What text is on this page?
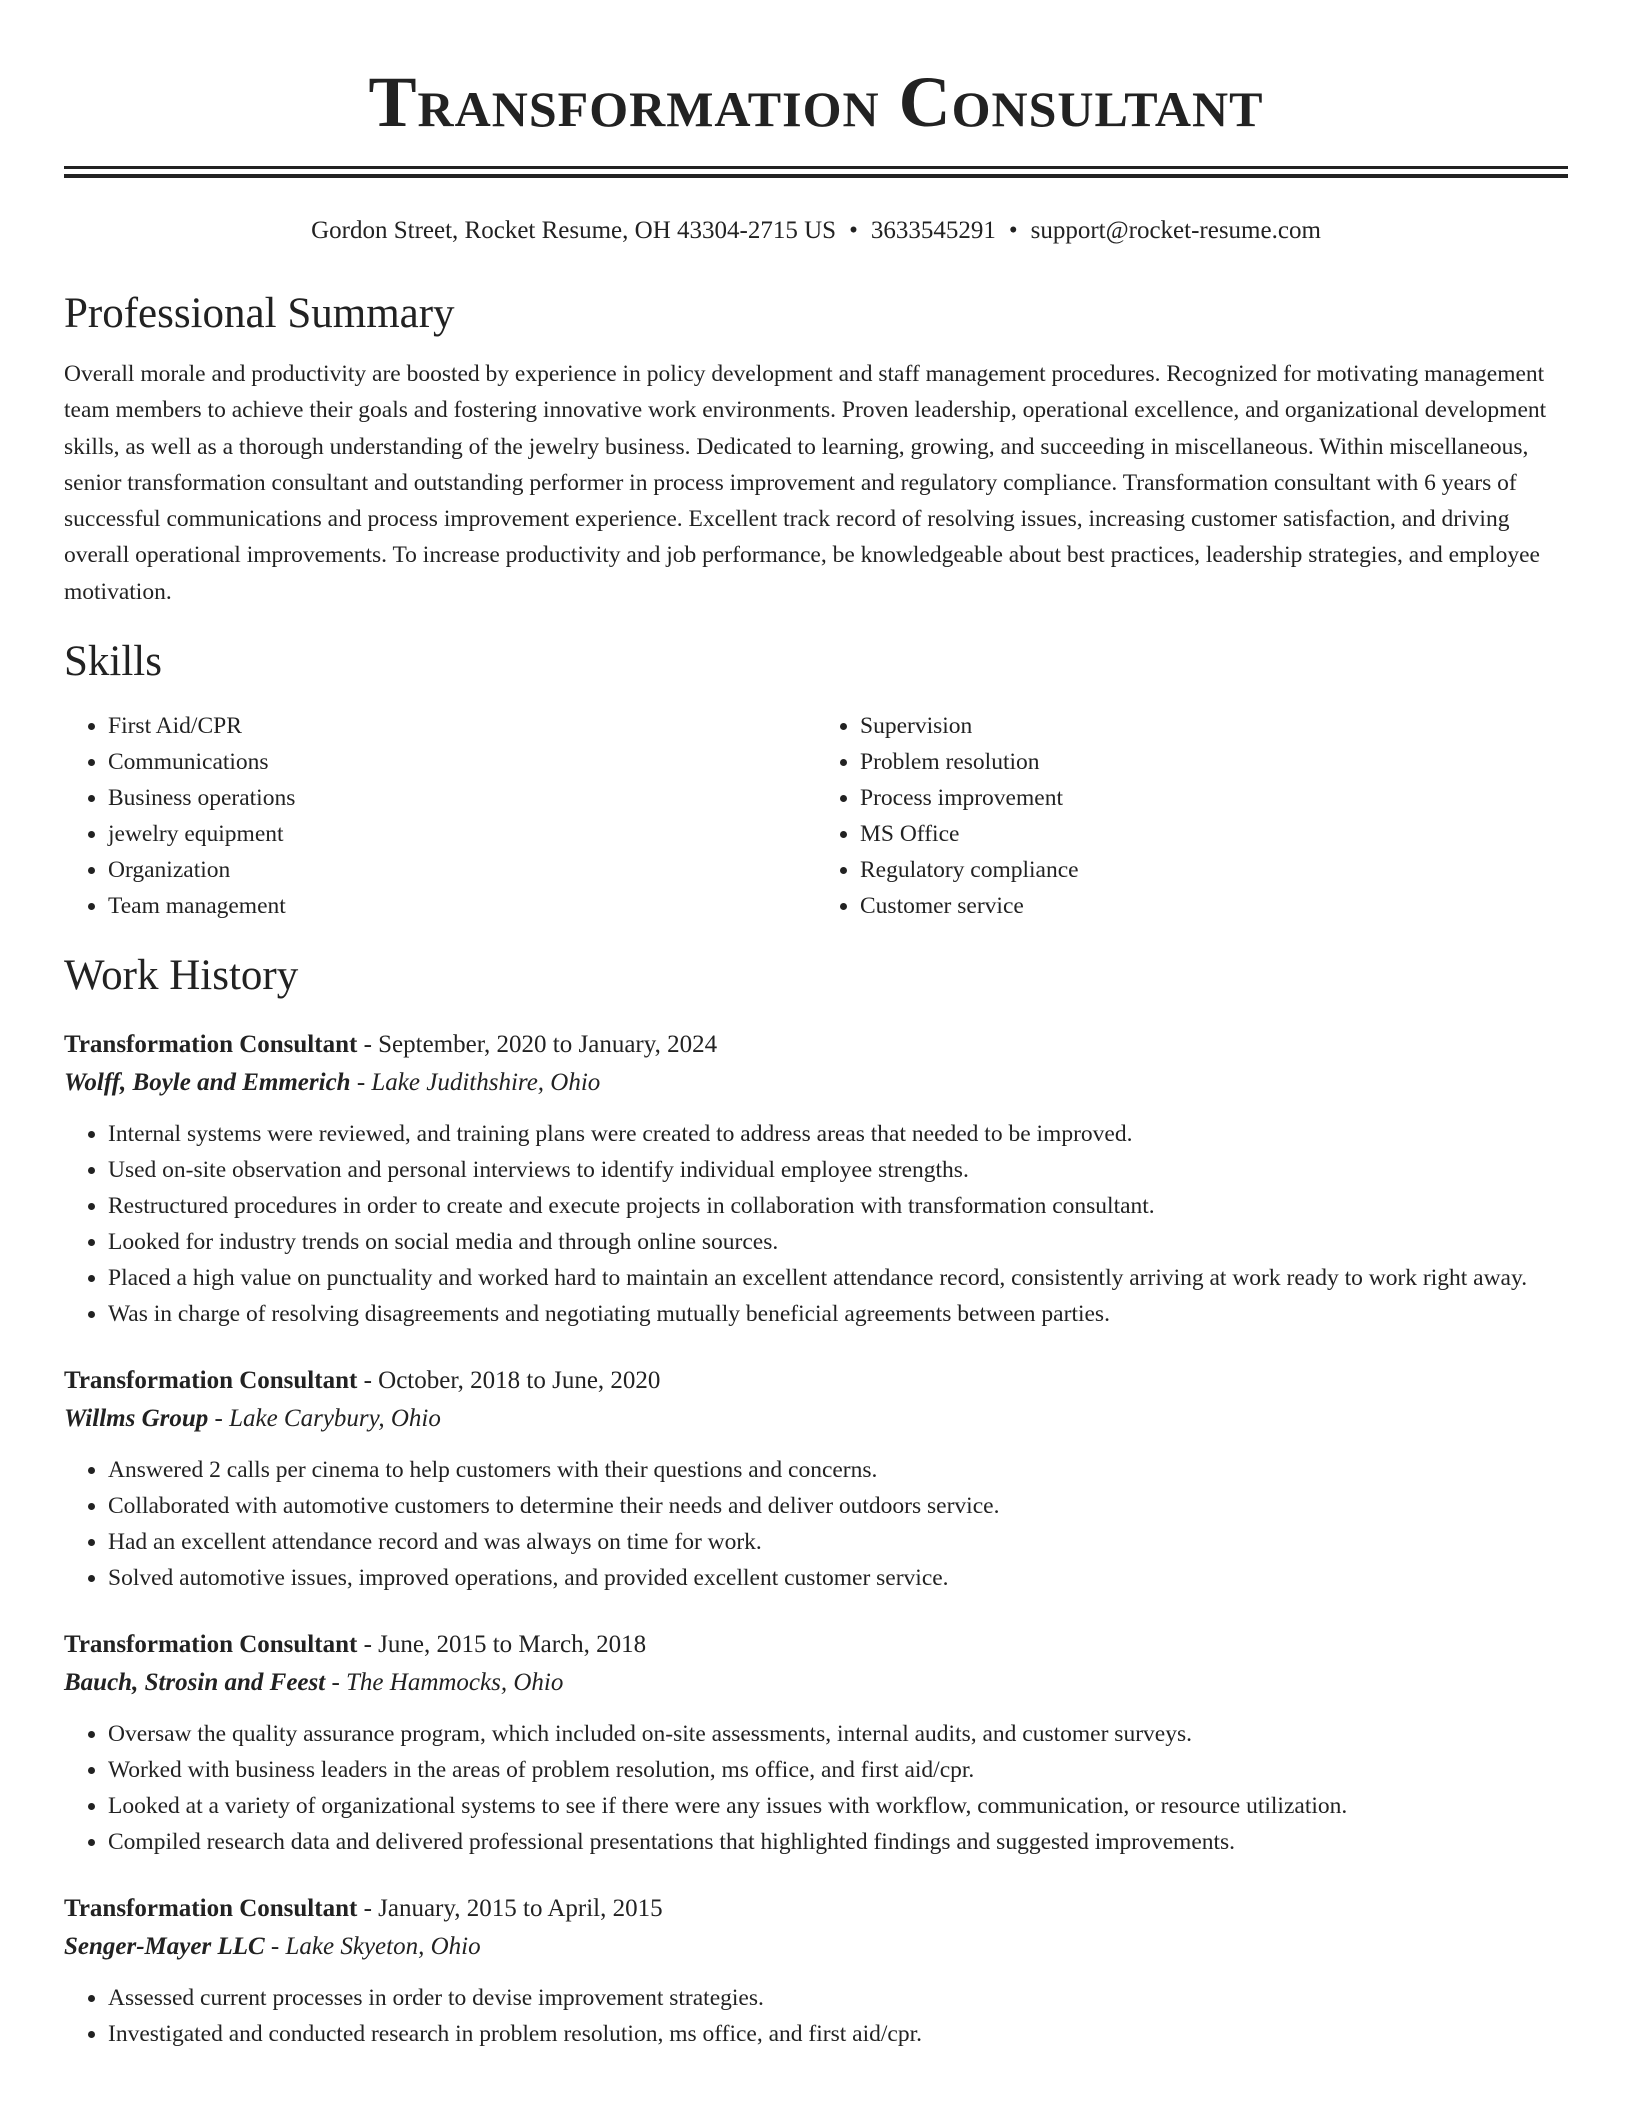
Transformation Consultant
Gordon Street, Rocket Resume, OH 43304-2715 US • 3633545291 • support@rocket-resume.com
Professional Summary
Overall morale and productivity are boosted by experience in policy development and staff management procedures. Recognized for motivating management team members to achieve their goals and fostering innovative work environments. Proven leadership, operational excellence, and organizational development skills, as well as a thorough understanding of the jewelry business. Dedicated to learning, growing, and succeeding in miscellaneous. Within miscellaneous, senior transformation consultant and outstanding performer in process improvement and regulatory compliance. Transformation consultant with 6 years of successful communications and process improvement experience. Excellent track record of resolving issues, increasing customer satisfaction, and driving overall operational improvements. To increase productivity and job performance, be knowledgeable about best practices, leadership strategies, and employee motivation.
Skills
• First Aid/CPR
• Communications
• Business operations
• jewelry equipment
• Organization
• Team management
• Supervision
• Problem resolution
• Process improvement
• MS Office
• Regulatory compliance
• Customer service
Work History
Transformation Consultant - September, 2020 to January, 2024
Wolff, Boyle and Emmerich - Lake Judithshire, Ohio
• Internal systems were reviewed, and training plans were created to address areas that needed to be improved.
• Used on-site observation and personal interviews to identify individual employee strengths.
• Restructured procedures in order to create and execute projects in collaboration with transformation consultant.
• Looked for industry trends on social media and through online sources.
• Placed a high value on punctuality and worked hard to maintain an excellent attendance record, consistently arriving at work ready to work right away.
• Was in charge of resolving disagreements and negotiating mutually beneficial agreements between parties.
Transformation Consultant - October, 2018 to June, 2020
Willms Group - Lake Carybury, Ohio
• Answered 2 calls per cinema to help customers with their questions and concerns.
• Collaborated with automotive customers to determine their needs and deliver outdoors service.
• Had an excellent attendance record and was always on time for work.
• Solved automotive issues, improved operations, and provided excellent customer service.
Transformation Consultant - June, 2015 to March, 2018
Bauch, Strosin and Feest - The Hammocks, Ohio
• Oversaw the quality assurance program, which included on-site assessments, internal audits, and customer surveys.
• Worked with business leaders in the areas of problem resolution, ms office, and first aid/cpr.
• Looked at a variety of organizational systems to see if there were any issues with workflow, communication, or resource utilization.
• Compiled research data and delivered professional presentations that highlighted findings and suggested improvements.
Transformation Consultant - January, 2015 to April, 2015
Senger-Mayer LLC - Lake Skyeton, Ohio
• Assessed current processes in order to devise improvement strategies.
• Investigated and conducted research in problem resolution, ms office, and first aid/cpr.
